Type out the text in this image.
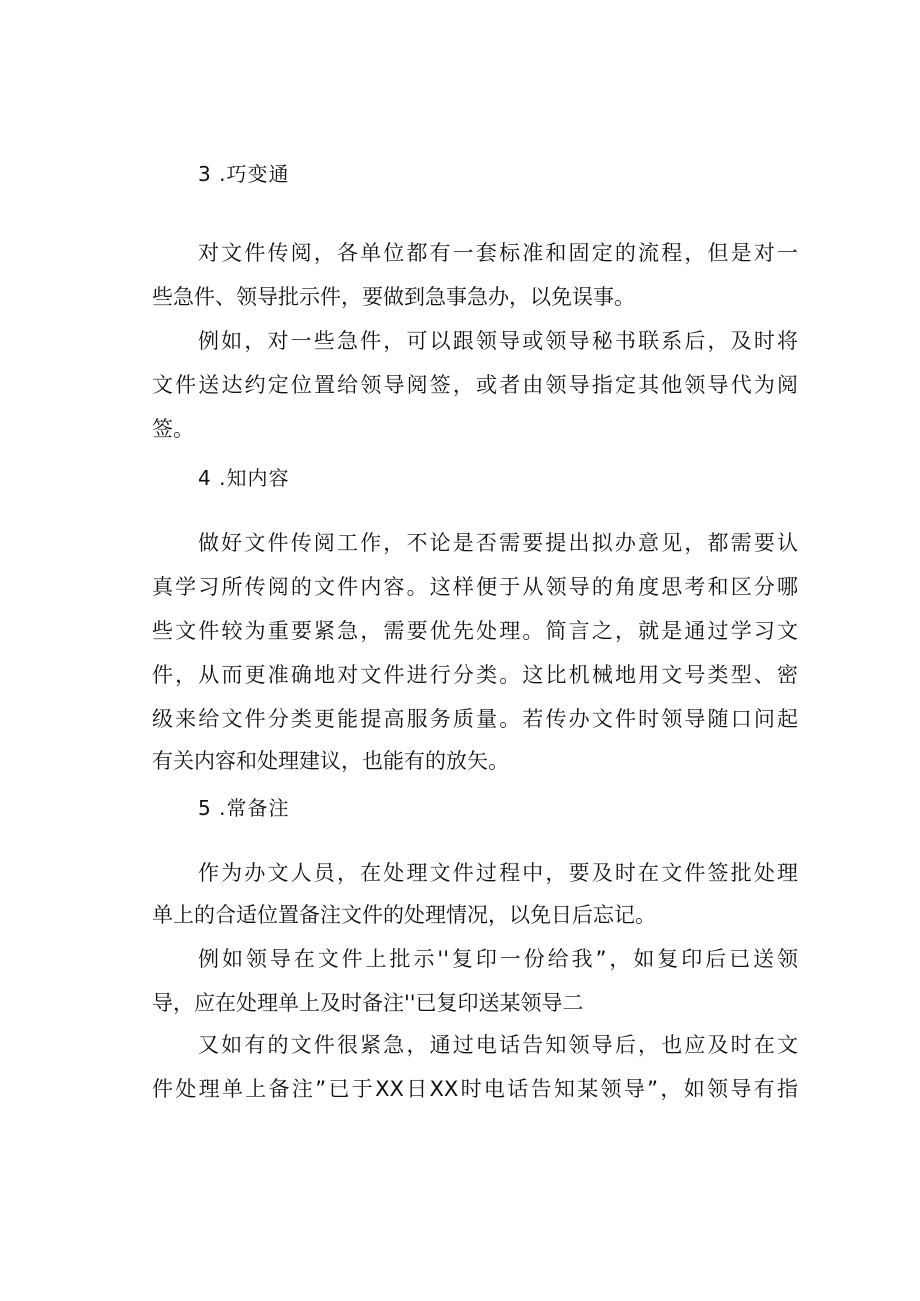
3 .巧变通
对文件传阅，各单位都有一套标准和固定的流程，但是对一
些急件、领导批示件，要做到急事急办，以免误事。
例如，对一些急件，可以跟领导或领导秘书联系后，及时将
文件送达约定位置给领导阅签，或者由领导指定其他领导代为阅
签。
4 .知内容
做好文件传阅工作，不论是否需要提出拟办意见，都需要认
真学习所传阅的文件内容。这样便于从领导的角度思考和区分哪
些文件较为重要紧急，需要优先处理。简言之，就是通过学习文
件，从而更准确地对文件进行分类。这比机械地用文号类型、密
级来给文件分类更能提高服务质量。若传办文件时领导随口问起
有关内容和处理建议，也能有的放矢。
5 .常备注
作为办文人员，在处理文件过程中，要及时在文件签批处理
单上的合适位置备注文件的处理情况，以免日后忘记。
例如领导在文件上批示''复印一份给我”，如复印后已送领
导，应在处理单上及时备注''已复印送某领导二
又如有的文件很紧急，通过电话告知领导后，也应及时在文
件处理单上备注”已于XX日XX时电话告知某领导”，如领导有指
